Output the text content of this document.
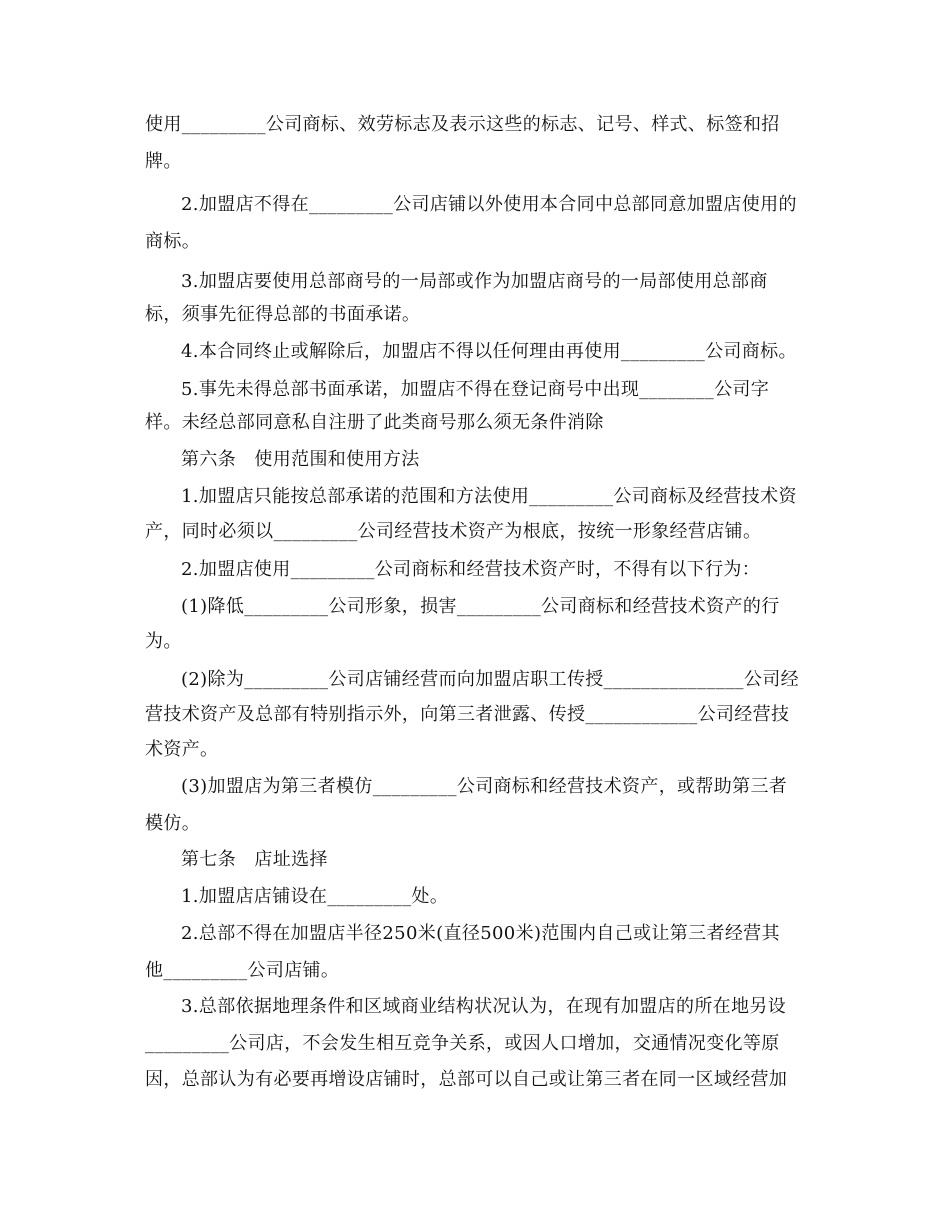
使用_________公司商标、效劳标志及表示这些的标志、记号、样式、标签和招
牌。
2.加盟店不得在_________公司店铺以外使用本合同中总部同意加盟店使用的
商标。
3.加盟店要使用总部商号的一局部或作为加盟店商号的一局部使用总部商
标，须事先征得总部的书面承诺。
4.本合同终止或解除后，加盟店不得以任何理由再使用_________公司商标。
5.事先未得总部书面承诺，加盟店不得在登记商号中出现________公司字
样。未经总部同意私自注册了此类商号那么须无条件消除
第六条　使用范围和使用方法
1.加盟店只能按总部承诺的范围和方法使用_________公司商标及经营技术资
产，同时必须以_________公司经营技术资产为根底，按统一形象经营店铺。
2.加盟店使用_________公司商标和经营技术资产时，不得有以下行为：
(1)降低_________公司形象，损害_________公司商标和经营技术资产的行
为。
(2)除为_________公司店铺经营而向加盟店职工传授_______________公司经
营技术资产及总部有特别指示外，向第三者泄露、传授____________公司经营技
术资产。
(3)加盟店为第三者模仿_________公司商标和经营技术资产，或帮助第三者
模仿。
第七条　店址选择
1.加盟店店铺设在_________处。
2.总部不得在加盟店半径250米(直径500米)范围内自己或让第三者经营其
他_________公司店铺。
3.总部依据地理条件和区域商业结构状况认为，在现有加盟店的所在地另设
_________公司店，不会发生相互竞争关系，或因人口增加，交通情况变化等原
因，总部认为有必要再增设店铺时，总部可以自己或让第三者在同一区域经营加
